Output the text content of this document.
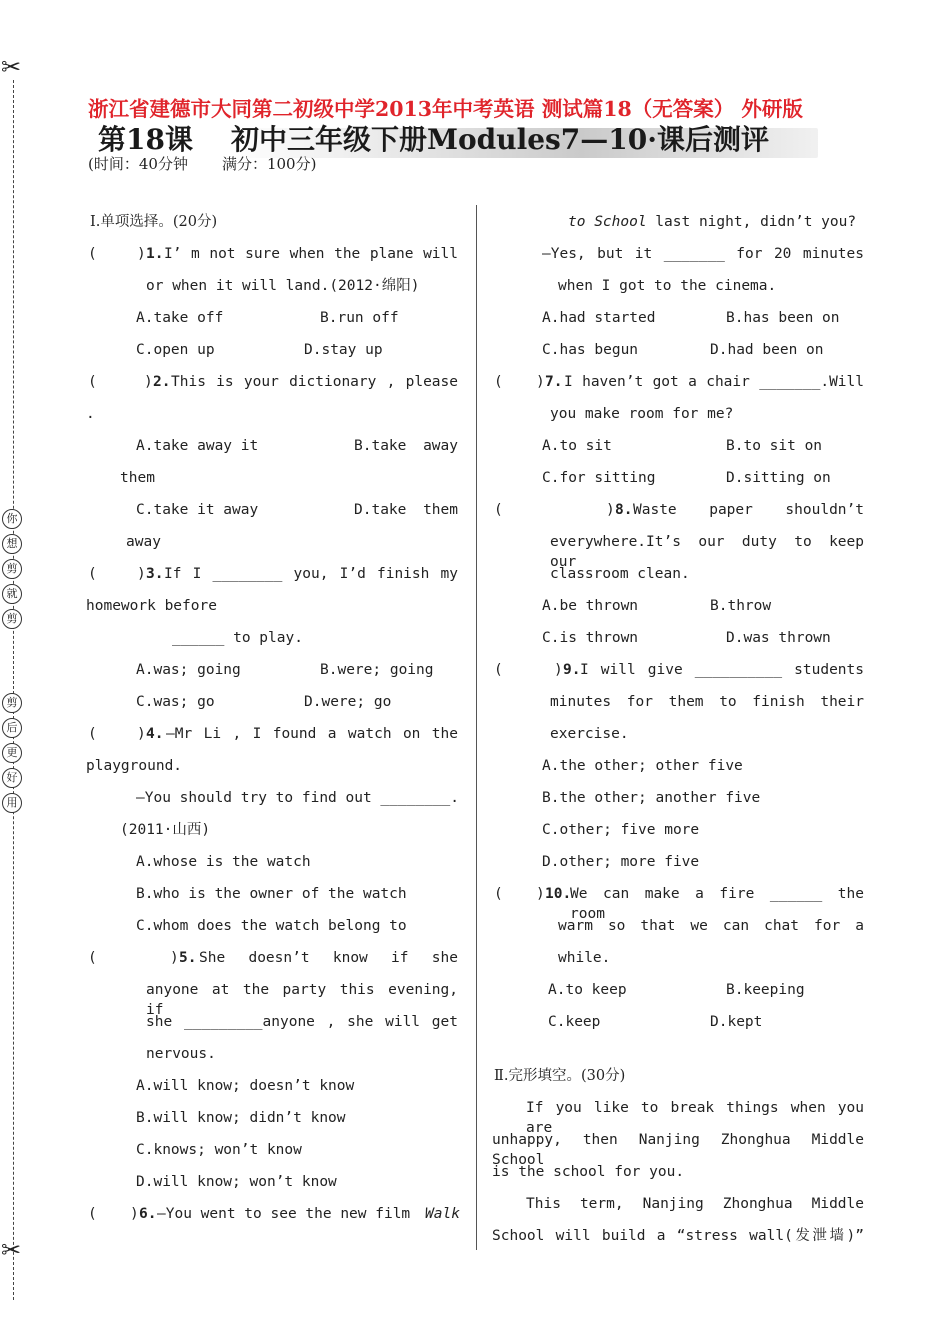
✂
✂
你
想
剪
就
剪
剪
后
更
好
用
浙江省建德市大同第二初级中学2013年中考英语 测试篇18（无答案） 外研版
第18课 初中三年级下册Modules7—10·课后测评
(时间：40分钟 满分：100分)
Ⅰ.单项选择。(20分)
(	) 1. I’ m not sure when the plane will
or when it will land.(2012·绵阳)
A.take off	B.run off
C.open up	D.stay up
(	) 2. This is your dictionary , please
.
A.take away it	B.take away
them
C.take it away	D.take them
away
(	) 3. If I ________ you, I’d finish my
homework before
______ to play.
A.was; going	B.were; going
C.was; go	D.were; go
(	) 4. —Mr Li , I found a watch on the
playground.
—You should try to find out ________.
(2011·山西)
A.whose is the watch
B.who is the owner of the watch
C.whom does the watch belong to
(	) 5. She doesn’t know if she
anyone at the party this evening, if
she _________anyone , she will get
nervous.
A.will know; doesn’t know
B.will know; didn’t know
C.knows; won’t know
D.will know; won’t know
( ) 6. —You went to see the new film Walk
to School last night, didn’t you?
—Yes, but it _______ for 20 minutes
when I got to the cinema.
A.had started	B.has been on
C.has begun	D.had been on
( ) 7. I haven’t got a chair _______.Will
you make room for me?
A.to sit	B.to sit on
C.for sitting	D.sitting on
(	) 8. Waste paper shouldn’t
everywhere.It’s our duty to keep our
classroom clean.
A.be thrown	B.throw
C.is thrown	D.was thrown
(	) 9. I will give __________ students
minutes for them to finish their
exercise.
A.the other; other five
B.the other; another five
C.other; five more
D.other; more five
( ) 10.
We can make a fire ______ the room
warm so that we can chat for a
while.
A.to keep	B.keeping
C.keep	D.kept
Ⅱ.完形填空。(30分)
If you like to break things when you are
unhappy, then Nanjing Zhonghua Middle School
is the school for you.
This term, Nanjing Zhonghua Middle
School will build a “stress wall(发泄墙)”
